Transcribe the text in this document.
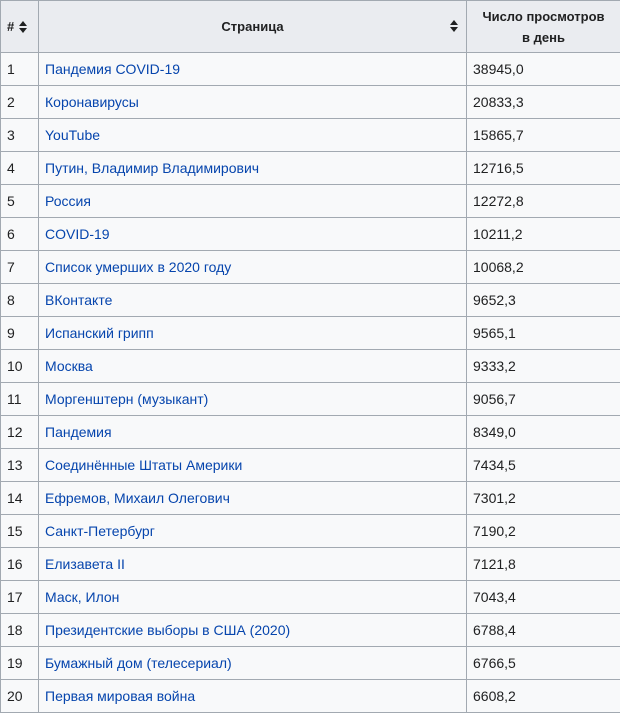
#	Страница	Число просмотров
в день

1	Пандемия COVID-19	38945,0
2	Коронавирусы	20833,3
3	YouTube	15865,7
4	Путин, Владимир Владимирович	12716,5
5	Россия	12272,8
6	COVID-19	10211,2
7	Список умерших в 2020 году	10068,2
8	ВКонтакте	9652,3
9	Испанский грипп	9565,1
10	Москва	9333,2
11	Моргенштерн (музыкант)	9056,7
12	Пандемия	8349,0
13	Соединённые Штаты Америки	7434,5
14	Ефремов, Михаил Олегович	7301,2
15	Санкт-Петербург	7190,2
16	Елизавета II	7121,8
17	Маск, Илон	7043,4
18	Президентские выборы в США (2020)	6788,4
19	Бумажный дом (телесериал)	6766,5
20	Первая мировая война	6608,2
